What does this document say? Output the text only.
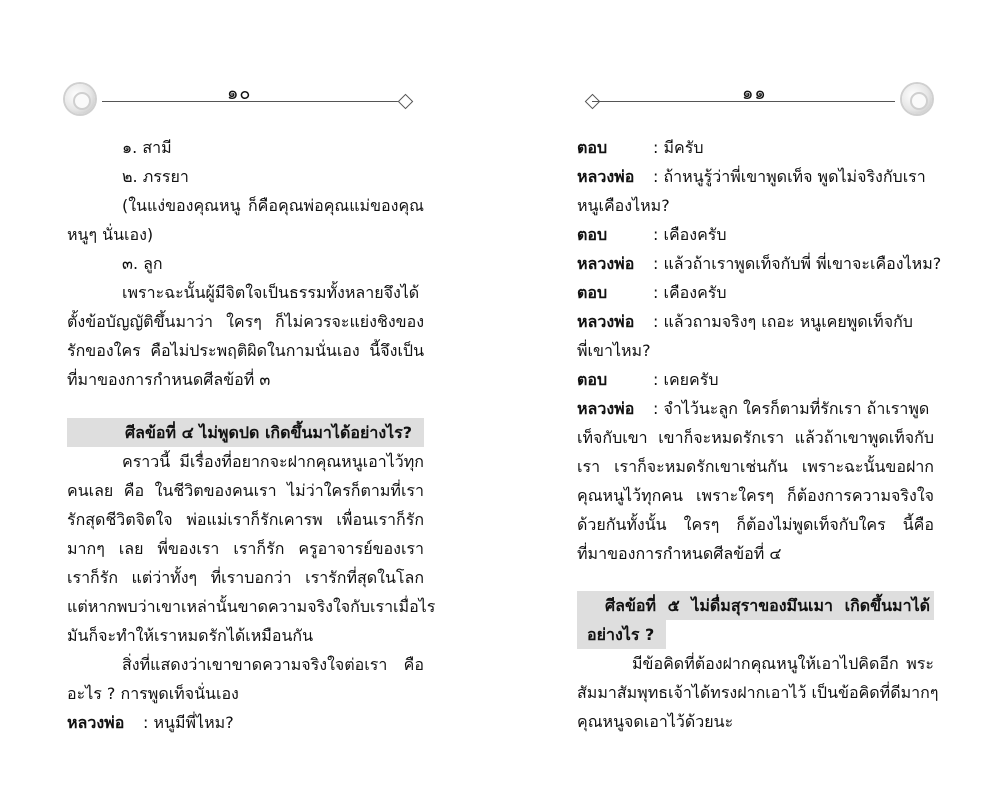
๑๐
๑. สามี
๒. ภรรยา
(ในแง่ของคุณหนู ก็คือคุณพ่อคุณแม่ของคุณ
หนูๆ นั่นเอง)
๓. ลูก
เพราะฉะนั้นผู้มีจิตใจเป็นธรรมทั้งหลายจึงได้
ตั้งข้อบัญญัติขึ้นมาว่า ใครๆ ก็ไม่ควรจะแย่งชิงของ
รักของใคร คือไม่ประพฤติผิดในกามนั่นเอง นี้จึงเป็น
ที่มาของการกำหนดศีลข้อที่ ๓
ศีลข้อที่ ๔ ไม่พูดปด เกิดขึ้นมาได้อย่างไร?
คราวนี้ มีเรื่องที่อยากจะฝากคุณหนูเอาไว้ทุก
คนเลย คือ ในชีวิตของคนเรา ไม่ว่าใครก็ตามที่เรา
รักสุดชีวิตจิตใจ พ่อแม่เราก็รักเคารพ เพื่อนเราก็รัก
มากๆ เลย พี่ของเรา เราก็รัก ครูอาจารย์ของเรา
เราก็รัก แต่ว่าทั้งๆ ที่เราบอกว่า เรารักที่สุดในโลก
แต่หากพบว่าเขาเหล่านั้นขาดความจริงใจกับเราเมื่อไร
มันก็จะทำให้เราหมดรักได้เหมือนกัน
สิ่งที่แสดงว่าเขาขาดความจริงใจต่อเรา คือ
อะไร ? การพูดเท็จนั่นเอง
หลวงพ่อ : หนูมีพี่ไหม?
๑๑
ตอบ	: มีครับ
หลวงพ่อ : ถ้าหนูรู้ว่าพี่เขาพูดเท็จ พูดไม่จริงกับเรา
หนูเคืองไหม?
ตอบ	: เคืองครับ
หลวงพ่อ : แล้วถ้าเราพูดเท็จกับพี่ พี่เขาจะเคืองไหม?
ตอบ	: เคืองครับ
หลวงพ่อ : แล้วถามจริงๆ เถอะ หนูเคยพูดเท็จกับ
พี่เขาไหม?
ตอบ	: เคยครับ
หลวงพ่อ : จำไว้นะลูก ใครก็ตามที่รักเรา ถ้าเราพูด
เท็จกับเขา เขาก็จะหมดรักเรา แล้วถ้าเขาพูดเท็จกับ
เรา เราก็จะหมดรักเขาเช่นกัน เพราะฉะนั้นขอฝาก
คุณหนูไว้ทุกคน เพราะใครๆ ก็ต้องการความจริงใจ
ด้วยกันทั้งนั้น ใครๆ ก็ต้องไม่พูดเท็จกับใคร นี้คือ
ที่มาของการกำหนดศีลข้อที่ ๔
ศีลข้อที่ ๕ ไม่ดื่มสุราของมึนเมา เกิดขึ้นมาได้
อย่างไร ?
มีข้อคิดที่ต้องฝากคุณหนูให้เอาไปคิดอีก พระ
สัมมาสัมพุทธเจ้าได้ทรงฝากเอาไว้ เป็นข้อคิดที่ดีมากๆ
คุณหนูจดเอาไว้ด้วยนะ
